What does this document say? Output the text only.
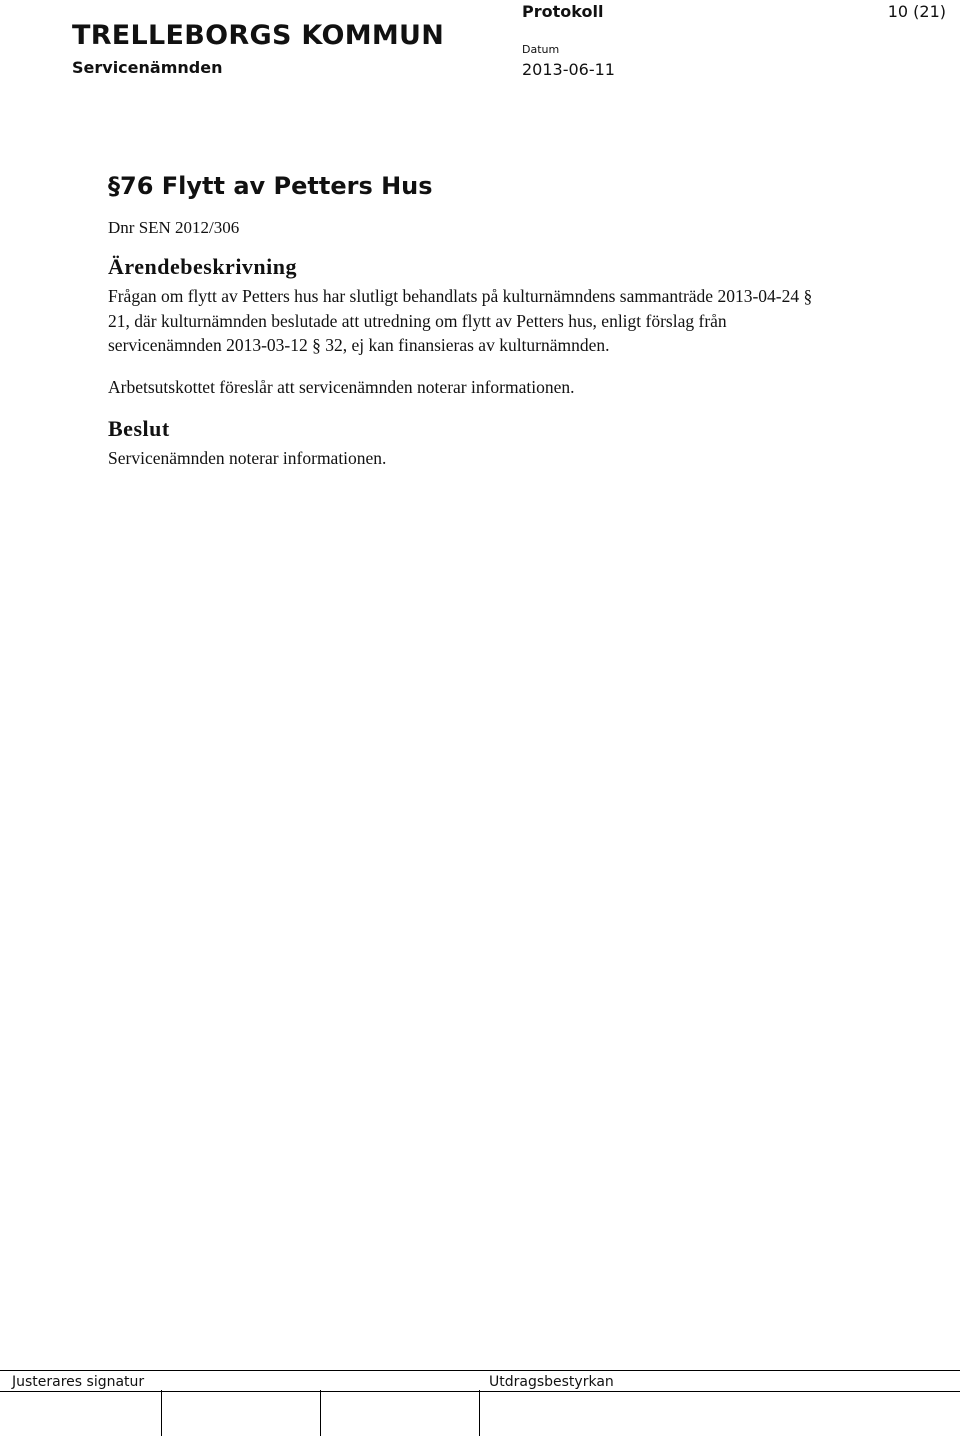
TRELLEBORGS KOMMUN
Servicenämnden
Protokoll	10 (21)
Datum
2013-06-11
§76 Flytt av Petters Hus
Dnr SEN 2012/306
Ärendebeskrivning

Frågan om flytt av Petters hus har slutligt behandlats på kulturnämndens sammanträde 2013-04-24 § 21, där kulturnämnden beslutade att utredning om flytt av Petters hus, enligt förslag från servicenämnden 2013-03-12 § 32, ej kan finansieras av kulturnämnden.

Arbetsutskottet föreslår att servicenämnden noterar informationen.

Beslut

Servicenämnden noterar informationen.

Justerares signatur	Utdragsbestyrkan
